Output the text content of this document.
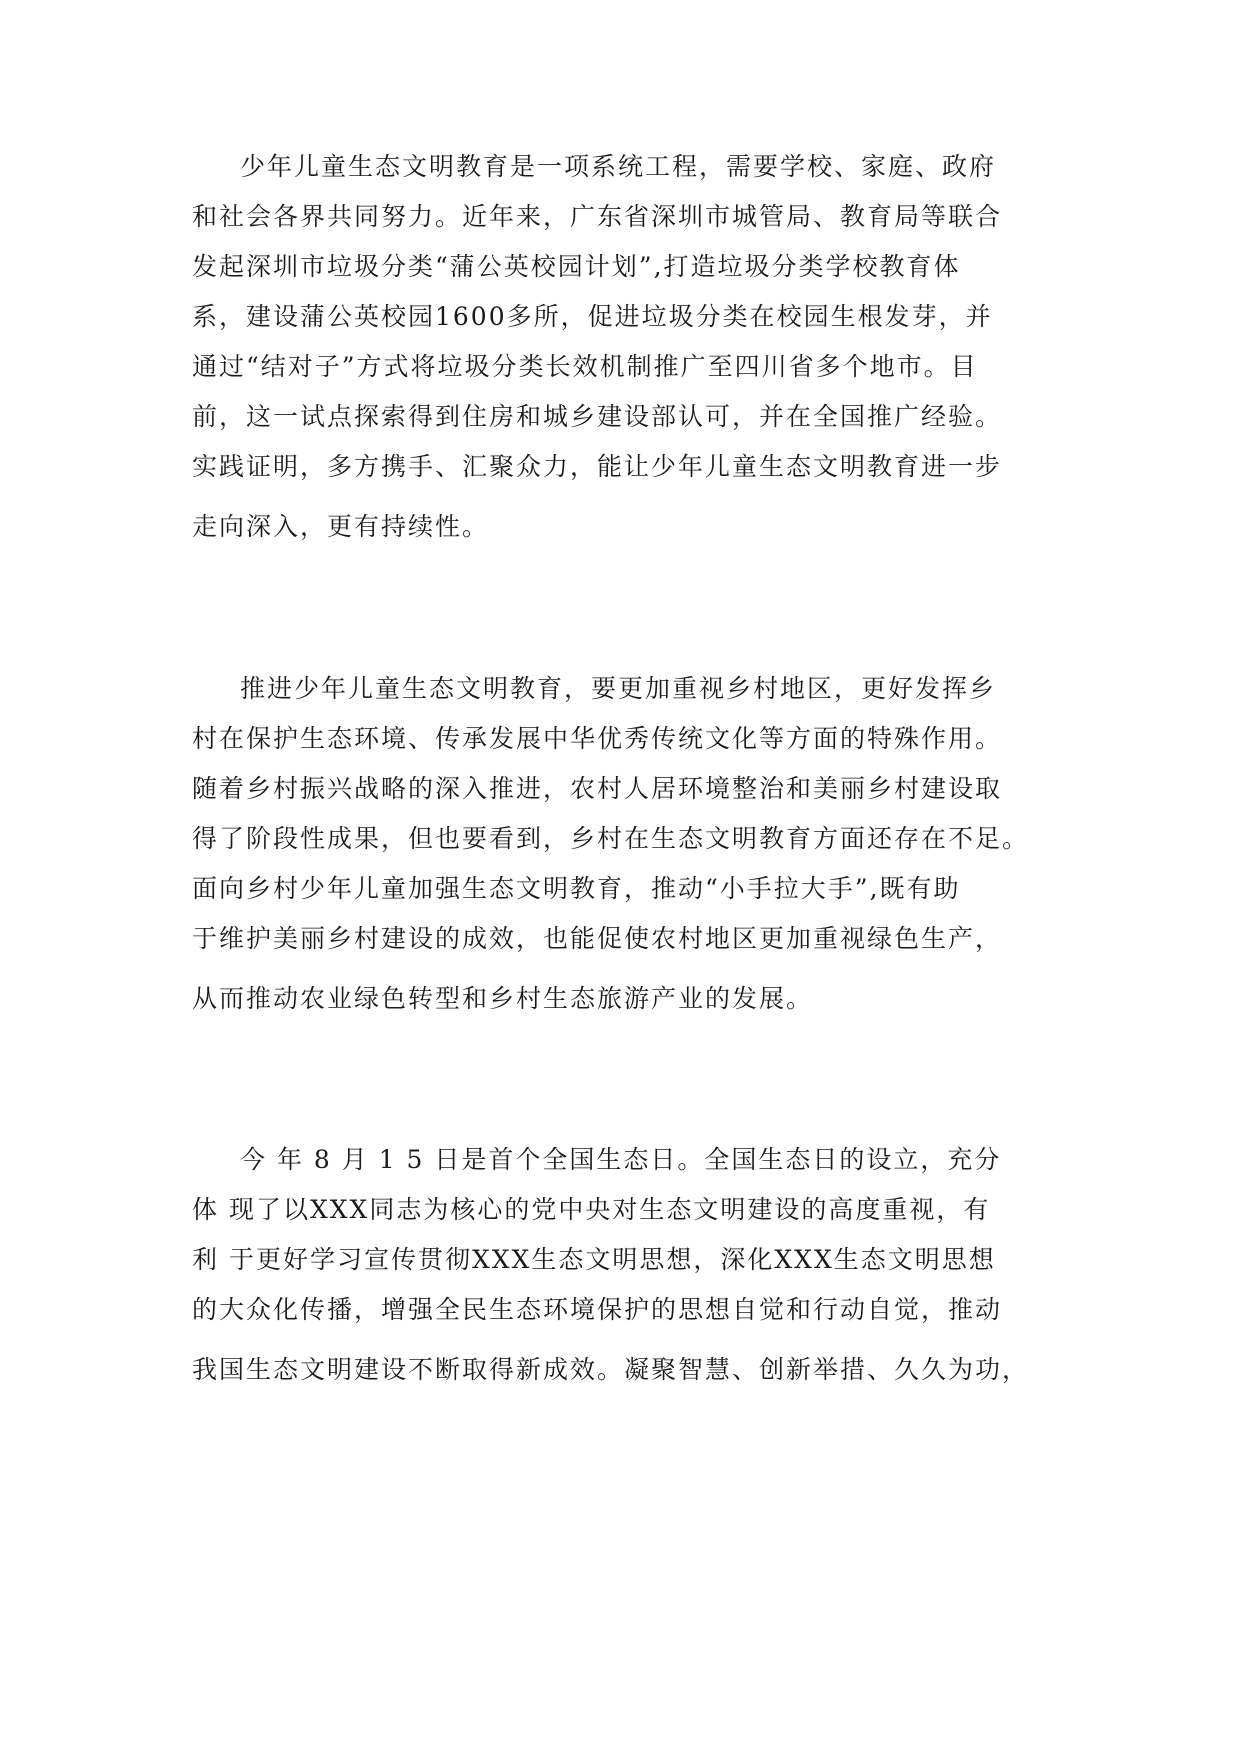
少年儿童生态文明教育是一项系统工程，需要学校、家庭、政府
和社会各界共同努力。近年来，广东省深圳市城管局、教育局等联合
发起深圳市垃圾分类“蒲公英校园计划”,打造垃圾分类学校教育体
系，建设蒲公英校园1600多所，促进垃圾分类在校园生根发芽，并
通过“结对子”方式将垃圾分类长效机制推广至四川省多个地市。目
前，这一试点探索得到住房和城乡建设部认可，并在全国推广经验。
实践证明，多方携手、汇聚众力，能让少年儿童生态文明教育进一步
走向深入，更有持续性。
推进少年儿童生态文明教育，要更加重视乡村地区，更好发挥乡
村在保护生态环境、传承发展中华优秀传统文化等方面的特殊作用。
随着乡村振兴战略的深入推进，农村人居环境整治和美丽乡村建设取
得了阶段性成果，但也要看到，乡村在生态文明教育方面还存在不足。
面向乡村少年儿童加强生态文明教育，推动“小手拉大手”,既有助
于维护美丽乡村建设的成效，也能促使农村地区更加重视绿色生产，
从而推动农业绿色转型和乡村生态旅游产业的发展。
今 年 8 月 1 5 日是首个全国生态日。全国生态日的设立，充分
体 现了以XXX同志为核心的党中央对生态文明建设的高度重视，有
利 于更好学习宣传贯彻XXX生态文明思想，深化XXX生态文明思想
的大众化传播，增强全民生态环境保护的思想自觉和行动自觉，推动
我国生态文明建设不断取得新成效。凝聚智慧、创新举措、久久为功，
